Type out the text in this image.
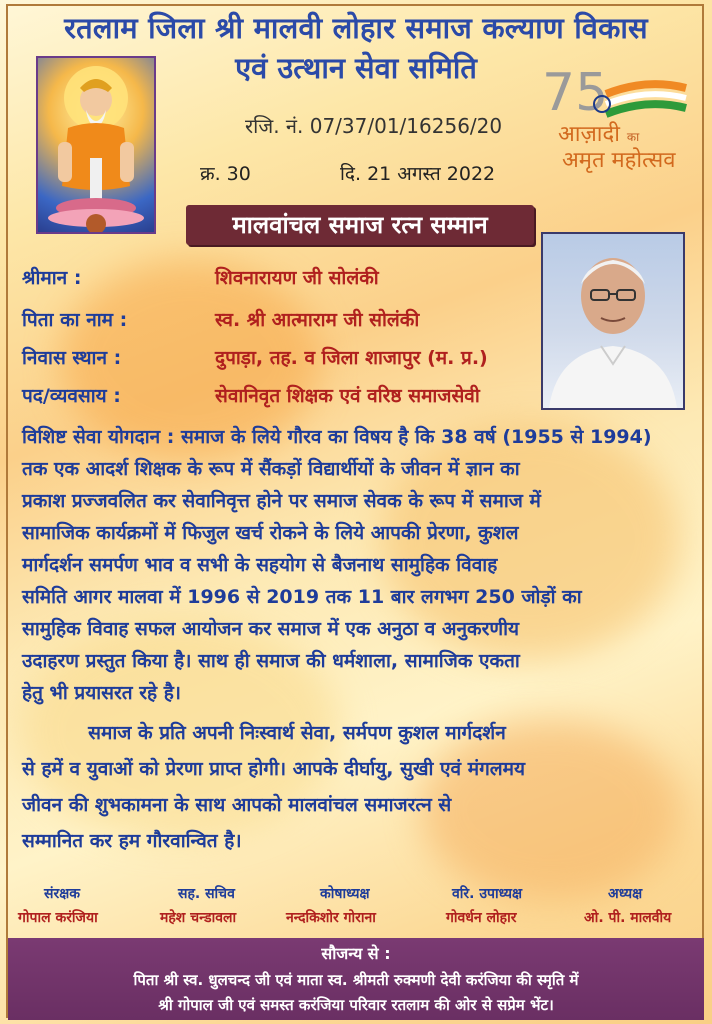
रतलाम जिला श्री मालवी लोहार समाज कल्याण विकास
एवं उत्थान सेवा समिति	75
आज़ादी का
अमृत महोत्सव
रजि. नं. 07/37/01/16256/20
क्र. 30	दि. 21 अगस्त 2022
मालवांचल समाज रत्न सम्मान
श्रीमान :	शिवनारायण जी सोलंकी
पिता का नाम :	स्व. श्री आत्माराम जी सोलंकी
निवास स्थान :	दुपाड़ा, तह. व जिला शाजापुर (म. प्र.)
पद/व्यवसाय :	सेवानिवृत शिक्षक एवं वरिष्ठ समाजसेवी
विशिष्ट सेवा योगदान : समाज के लिये गौरव का विषय है कि 38 वर्ष (1955 से 1994)
तक एक आदर्श शिक्षक के रूप में सैंकड़ों विद्यार्थीयों के जीवन में ज्ञान का
प्रकाश प्रज्जवलित कर सेवानिवृत्त होने पर समाज सेवक के रूप में समाज में
सामाजिक कार्यक्रमों में फिजुल खर्च रोकने के लिये आपकी प्रेरणा, कुशल
मार्गदर्शन समर्पण भाव व सभी के सहयोग से बैजनाथ सामुहिक विवाह
समिति आगर मालवा में 1996 से 2019 तक 11 बार लगभग 250 जोड़ों का
सामुहिक विवाह सफल आयोजन कर समाज में एक अनुठा व अनुकरणीय
उदाहरण प्रस्तुत किया है। साथ ही समाज की धर्मशाला, सामाजिक एकता
हेतु भी प्रयासरत रहे है।
समाज के प्रति अपनी निःस्वार्थ सेवा, सर्मपण कुशल मार्गदर्शन
से हमें व युवाओं को प्रेरणा प्राप्त होगी। आपके दीर्घायु, सुखी एवं मंगलमय
जीवन की शुभकामना के साथ आपको मालवांचल समाजरत्न से
सम्मानित कर हम गौरवान्वित है।
संरक्षक
गोपाल करंजिया
सह. सचिव
महेश चन्डावला
कोषाध्यक्ष
नन्दकिशोर गोराना
वरि. उपाध्यक्ष
गोवर्धन लोहार
अध्यक्ष
ओ. पी. मालवीय
सौजन्य से :
पिता श्री स्व. धुलचन्द जी एवं माता स्व. श्रीमती रुक्मणी देवी करंजिया की स्मृति में
श्री गोपाल जी एवं समस्त करंजिया परिवार रतलाम की ओर से सप्रेम भेंट।
